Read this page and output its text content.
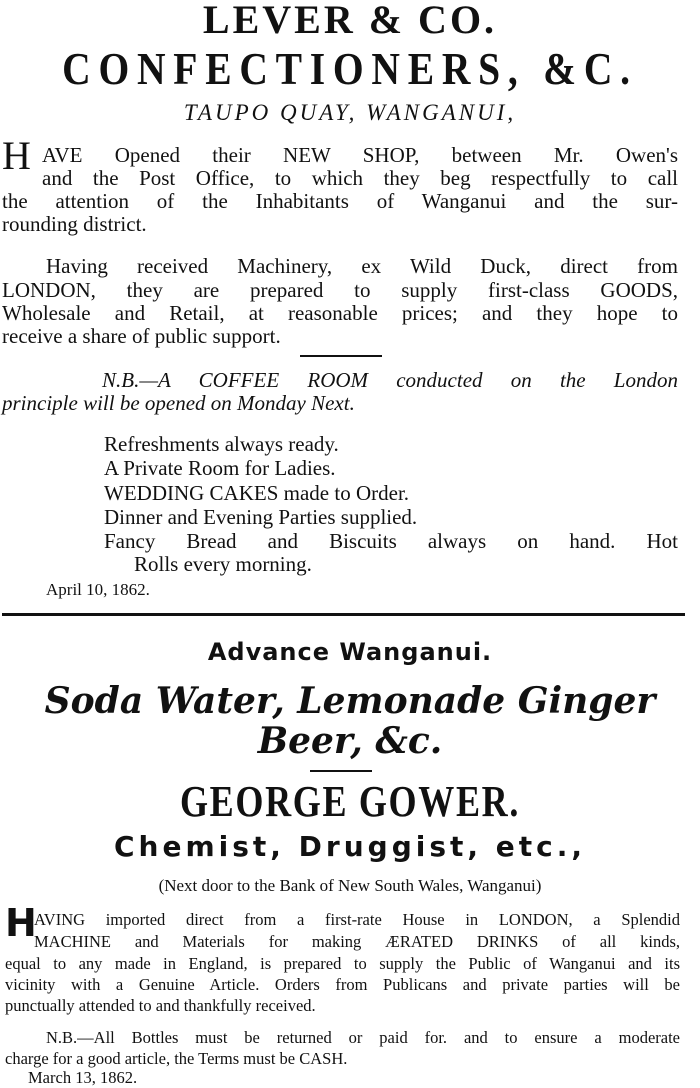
LEVER & CO.
CONFECTIONERS, &C.
TAUPO QUAY, WANGANUI,
H AVE Opened their NEW SHOP, between Mr. Owen's
and the Post Office, to which they beg respectfully to call
the attention of the Inhabitants of Wanganui and the sur-
rounding district.
Having received Machinery, ex Wild Duck, direct from
LONDON, they are prepared to supply first-class GOODS,
Wholesale and Retail, at reasonable prices; and they hope to
receive a share of public support.
N.B.—A COFFEE ROOM conducted on the London
principle will be opened on Monday Next.
Refreshments always ready.
A Private Room for Ladies.
WEDDING CAKES made to Order.
Dinner and Evening Parties supplied.
Fancy Bread and Biscuits always on hand. Hot
Rolls every morning.
April 10, 1862.
Advance Wanganui.
Soda Water, Lemonade Ginger
Beer, &c.
GEORGE GOWER.
Chemist, Druggist, etc.,
(Next door to the Bank of New South Wales, Wanganui)
H
AVING imported direct from a first-rate House in LONDON, a Splendid
MACHINE and Materials for making ÆRATED DRINKS of all kinds,
equal to any made in England, is prepared to supply the Public of Wanganui and its
vicinity with a Genuine Article. Orders from Publicans and private parties will be
punctually attended to and thankfully received.
N.B.—All Bottles must be returned or paid for. and to ensure a moderate
charge for a good article, the Terms must be CASH.
March 13, 1862.
